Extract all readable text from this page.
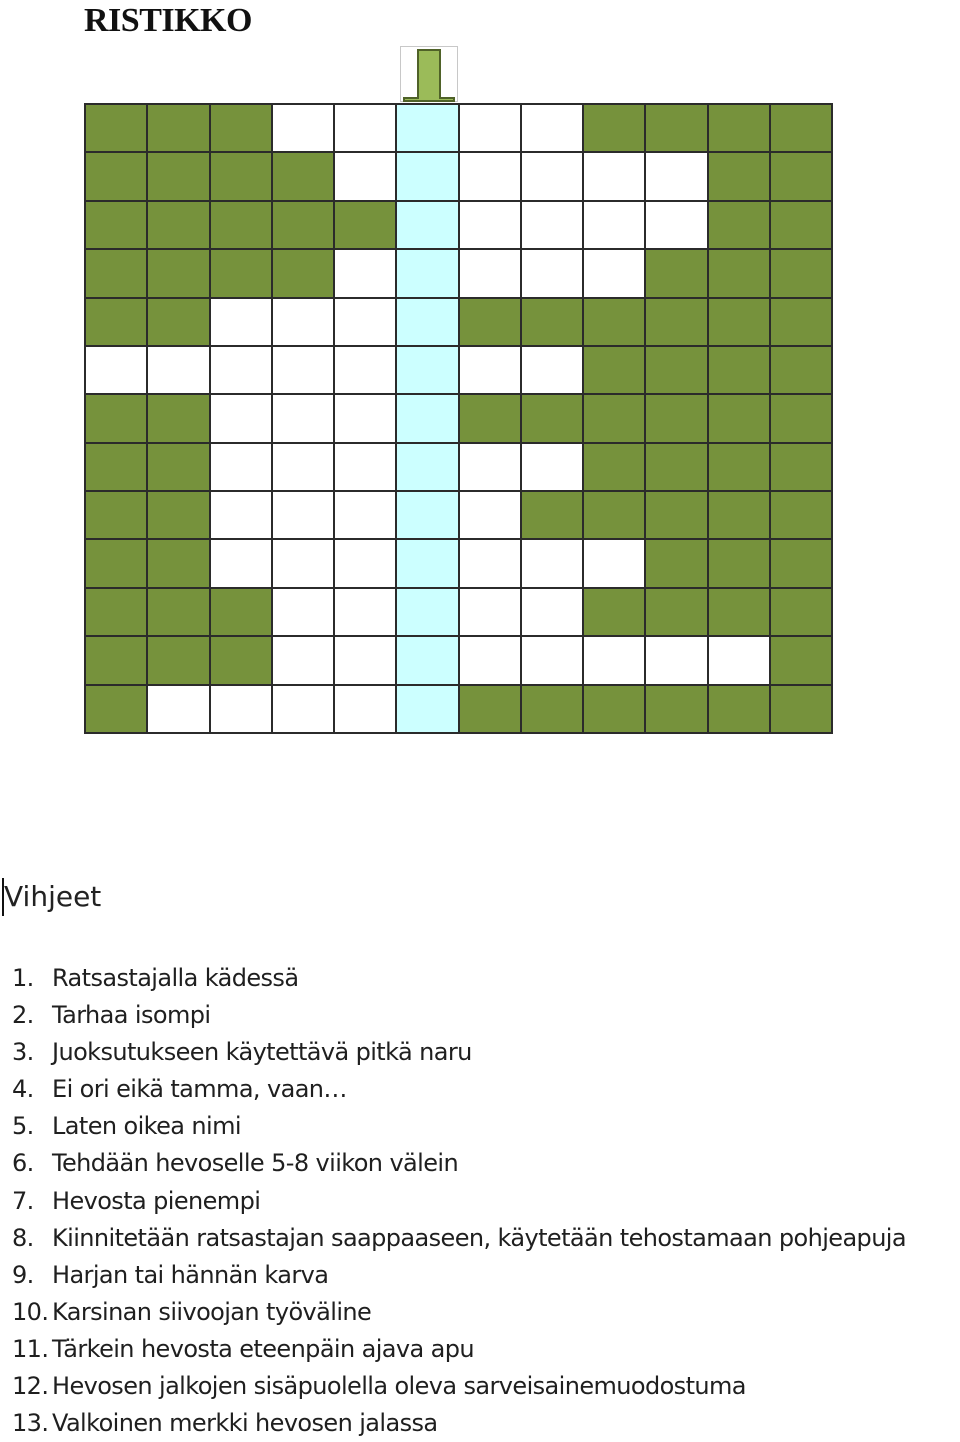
RISTIKKO
Vihjeet
1. Ratsastajalla kädessä
2. Tarhaa isompi
3. Juoksutukseen käytettävä pitkä naru
4. Ei ori eikä tamma, vaan…
5. Laten oikea nimi
6. Tehdään hevoselle 5-8 viikon välein
7. Hevosta pienempi
8. Kiinnitetään ratsastajan saappaaseen, käytetään tehostamaan pohjeapuja
9. Harjan tai hännän karva
10. Karsinan siivoojan työväline
11. Tärkein hevosta eteenpäin ajava apu
12. Hevosen jalkojen sisäpuolella oleva sarveisainemuodostuma
13. Valkoinen merkki hevosen jalassa
